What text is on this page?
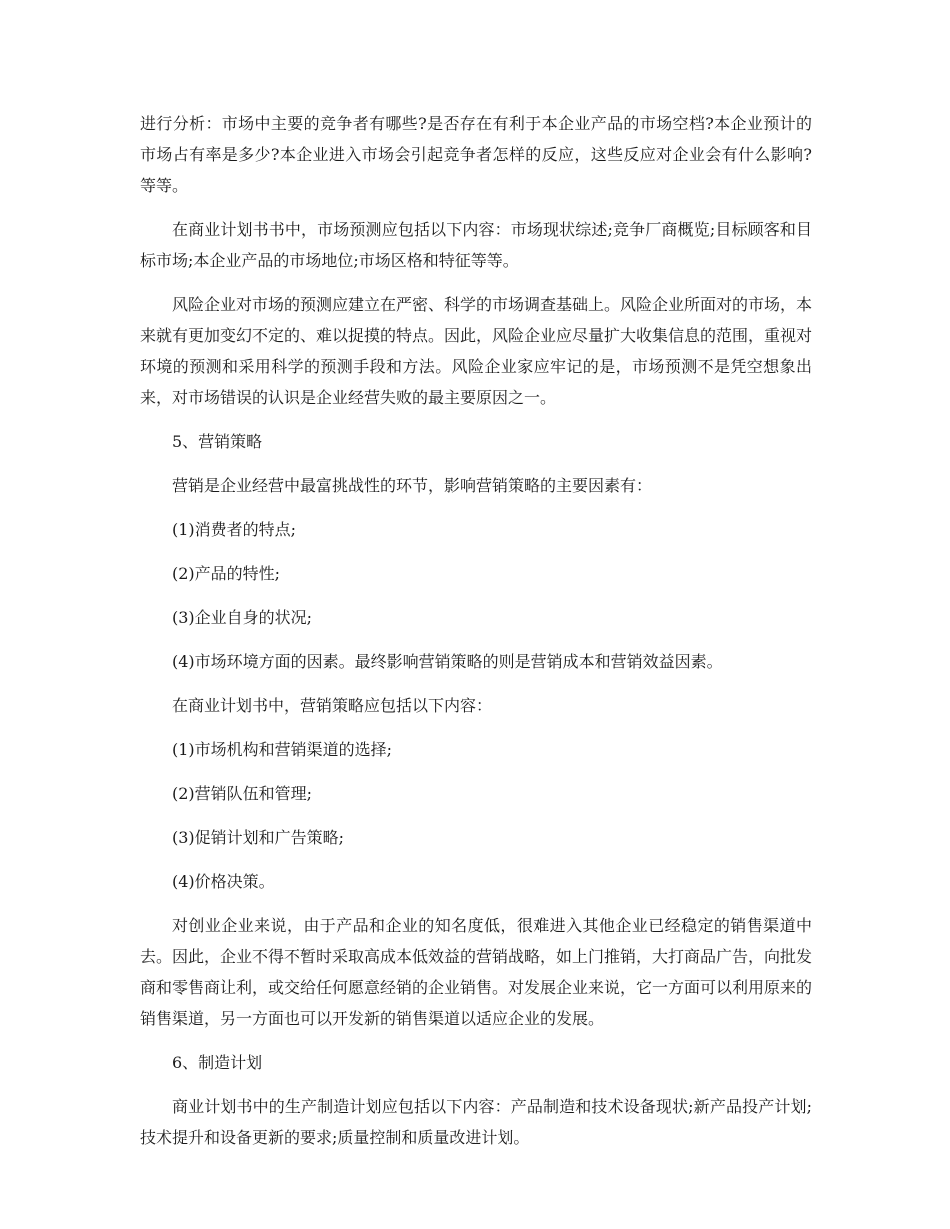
进行分析：市场中主要的竞争者有哪些?是否存在有利于本企业产品的市场空档?本企业预计的市场占有率是多少?本企业进入市场会引起竞争者怎样的反应，这些反应对企业会有什么影响?等等。

在商业计划书书中，市场预测应包括以下内容：市场现状综述;竞争厂商概览;目标顾客和目标市场;本企业产品的市场地位;市场区格和特征等等。

风险企业对市场的预测应建立在严密、科学的市场调查基础上。风险企业所面对的市场，本来就有更加变幻不定的、难以捉摸的特点。因此，风险企业应尽量扩大收集信息的范围，重视对环境的预测和采用科学的预测手段和方法。风险企业家应牢记的是，市场预测不是凭空想象出来，对市场错误的认识是企业经营失败的最主要原因之一。

5、营销策略

营销是企业经营中最富挑战性的环节，影响营销策略的主要因素有：

(1)消费者的特点;

(2)产品的特性;

(3)企业自身的状况;

(4)市场环境方面的因素。最终影响营销策略的则是营销成本和营销效益因素。

在商业计划书中，营销策略应包括以下内容：

(1)市场机构和营销渠道的选择;

(2)营销队伍和管理;

(3)促销计划和广告策略;

(4)价格决策。

对创业企业来说，由于产品和企业的知名度低，很难进入其他企业已经稳定的销售渠道中去。因此，企业不得不暂时采取高成本低效益的营销战略，如上门推销，大打商品广告，向批发商和零售商让利，或交给任何愿意经销的企业销售。对发展企业来说，它一方面可以利用原来的销售渠道，另一方面也可以开发新的销售渠道以适应企业的发展。

6、制造计划

商业计划书中的生产制造计划应包括以下内容：产品制造和技术设备现状;新产品投产计划;技术提升和设备更新的要求;质量控制和质量改进计划。
